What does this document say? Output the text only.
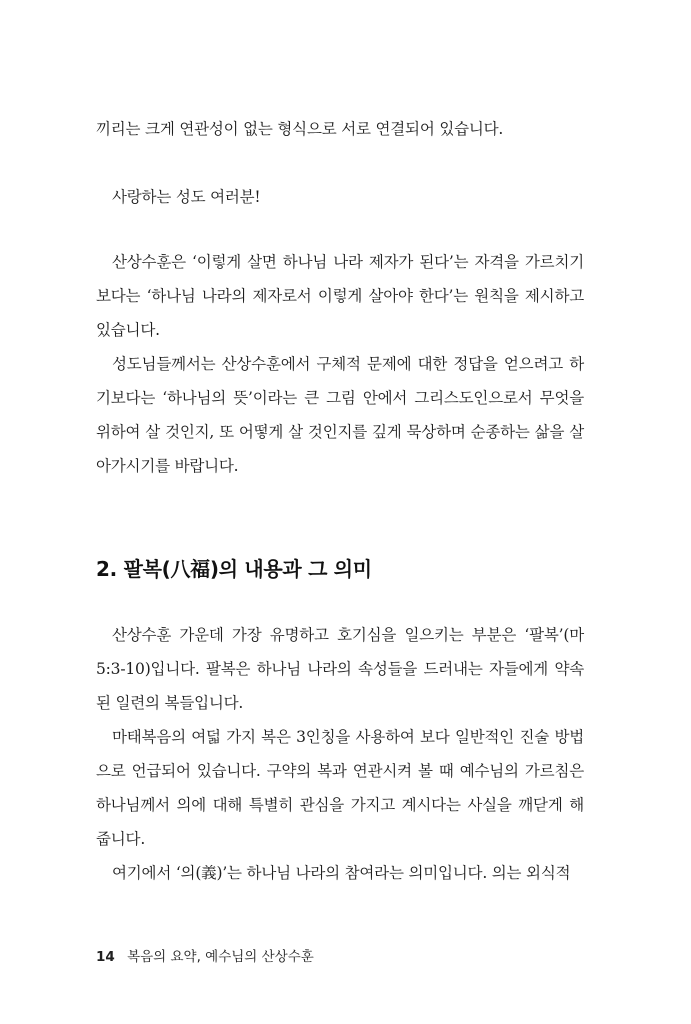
끼리는 크게 연관성이 없는 형식으로 서로 연결되어 있습니다.

사랑하는 성도 여러분!

산상수훈은 ‘이렇게 살면 하나님 나라 제자가 된다’는 자격을 가르치기보다는 ‘하나님 나라의 제자로서 이렇게 살아야 한다’는 원칙을 제시하고 있습니다.

성도님들께서는 산상수훈에서 구체적 문제에 대한 정답을 얻으려고 하기보다는 ‘하나님의 뜻’이라는 큰 그림 안에서 그리스도인으로서 무엇을 위하여 살 것인지, 또 어떻게 살 것인지를 깊게 묵상하며 순종하는 삶을 살아가시기를 바랍니다.

2. 팔복(八福)의 내용과 그 의미

산상수훈 가운데 가장 유명하고 호기심을 일으키는 부분은 ‘팔복’(마 5:3-10)입니다. 팔복은 하나님 나라의 속성들을 드러내는 자들에게 약속된 일련의 복들입니다.

마태복음의 여덟 가지 복은 3인칭을 사용하여 보다 일반적인 진술 방법으로 언급되어 있습니다. 구약의 복과 연관시켜 볼 때 예수님의 가르침은 하나님께서 의에 대해 특별히 관심을 가지고 계시다는 사실을 깨닫게 해 줍니다.

여기에서 ‘의(義)’는 하나님 나라의 참여라는 의미입니다. 의는 외식적

14 복음의 요약, 예수님의 산상수훈
